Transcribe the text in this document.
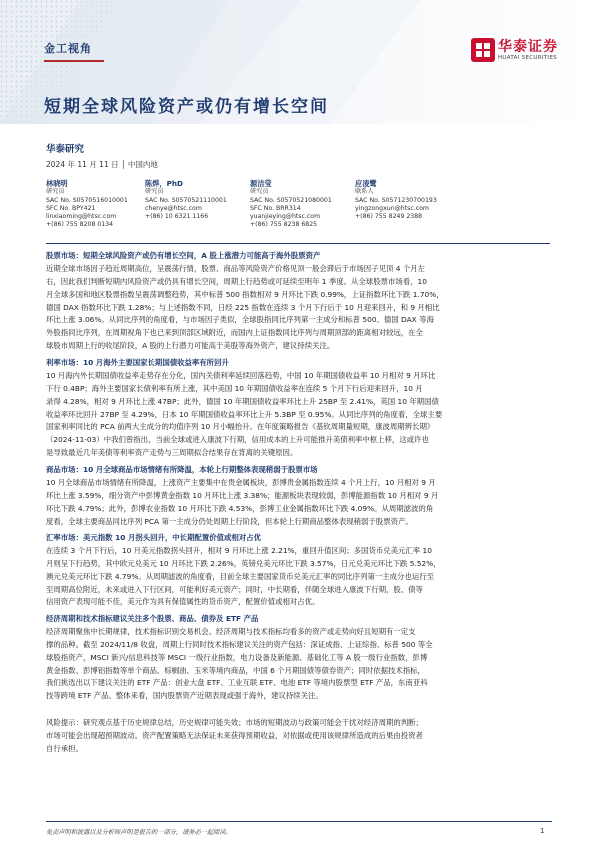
金工视角
短期全球风险资产或仍有增长空间
华泰证券
HUATAI SECURITIES
华泰研究
2024 年 11 月 11 日 │ 中国内地
林晓明
研究员
SAC No. S0570516010001
SFC No. BPY421
linxiaoming@htsc.com
+(86) 755 8208 0134
陈烨，PhD
研究员
SAC No. S0570521110001
chenye@htsc.com
+(86) 10 6321 1166
源洁莹
研究员
SAC No. S0570521080001
SFC No. BRR314
yuanjieying@htsc.com
+(86) 755 8238 6825
应凌鹭
联系人
SAC No. S0571230700193
yingzongxun@htsc.com
+(86) 755 8249 2388
股票市场：短期全球风险资产或仍有增长空间，A 股上涨潜力可能高于海外股票资产
近期全球市场因子趋近周期高位，呈震荡行情，股票、商品等风险资产价格见顶一般会滞后于市场因子见顶 4 个月左
右，因此我们判断短期内风险资产或仍具有增长空间，周期上行趋势或可延续至明年 1 季度。从全球股票市场看，10
月全球多国和地区股票指数呈震荡调整趋势，其中标普 500 指数相对 9 月环比下跌 0.99%，上证指数环比下跌 1.70%，
德国 DAX 指数环比下跌 1.28%；与上述指数不同，日经 225 指数在连续 3 个月下行后于 10 月迎来回升，和 9 月相比
环比上涨 3.06%。从同比序列的角度看，与市场因子类似，全球股指同比序列第一主成分和标普 500、德国 DAX 等海
外股指同比序列，在周期视角下也已来到顶部区域附近，而国内上证指数同比序列与周期顶部的距离相对较远，在全
球股市周期上行的收尾阶段，A 股的上行潜力可能高于美股等海外资产，建议持续关注。
利率市场：10 月海外主要国家长期国债收益率有所回升
10 月海内外长期国债收益率走势存在分化，国内关债利率延续回落趋势，中国 10 年期国债收益率 10 月相对 9 月环比
下行 0.4BP；海外主要国家长债利率有所上涨，其中美国 10 年期国债收益率在连续 5 个月下行后迎来回升，10 月
录得 4.28%，相对 9 月环比上涨 47BP；此外，德国 10 年期国债收益率环比上升 25BP 至 2.41%，英国 10 年期国债
收益率环比回升 27BP 至 4.29%，日本 10 年期国债收益率环比上升 5.3BP 至 0.95%。从同比序列的角度看，全球主要
国家利率同比的 PCA 前两大主成分的均值序列 10 月小幅抬升。在年度策略报告《基钦周期量短期，康波周期辨长期》
（2024-11-03）中我们曾指出，当前全球或进入康波下行期，信用成本的上升可能推升美债利率中枢上移，这或许也
是导致最近几年美债等利率资产走势与三周期拟合结果存在背离的关键原因。
商品市场：10 月全球商品市场情绪有所降温，本轮上行期整体表现稍弱于股票市场
10 月全球商品市场情绪有所降温，上涨资产主要集中在贵金属板块，彭博贵金属指数连续 4 个月上行，10 月相对 9 月
环比上涨 3.59%，细分资产中彭博黄金指数 10 月环比上涨 3.38%；能源板块表现较弱，彭博能源指数 10 月相对 9 月
环比下跌 4.79%；此外，彭博农业指数 10 月环比下跌 4.53%，彭博工业金属指数环比下跌 4.09%。从周期滤波的角
度看，全球主要商品同比序列 PCA 第一主成分仍处周期上行阶段，但本轮上行期商品整体表现稍弱于股票资产。
汇率市场：美元指数 10 月拐头回升，中长期配置价值或相对占优
在连续 3 个月下行后，10 月美元指数拐头回升，相对 9 月环比上涨 2.21%，重回升值区间；多国货币兑美元汇率 10
月则呈下行趋势，其中欧元兑美元 10 月环比下跌 2.26%，英镑兑美元环比下跌 3.57%，日元兑美元环比下跌 5.52%，
澳元兑美元环比下跌 4.79%。从周期滤波的角度看，目前全球主要国家货币兑美元汇率的同比序列第一主成分也运行至
至周期高位附近，未来或进入下行区间，可能利好美元资产；同时，中长期看，伴随全球进入康波下行期，股、债等
信用资产表现可能不佳，美元作为具有保值属性的货币资产，配置价值或相对占优。
经济周期和技术指标建议关注多个股票、商品、债券及 ETF 产品
经济周期聚焦中长期规律，技术指标识别交易机会。经济周期与技术指标均看多的资产或走势向好且短期有一定支
撑的品种。截至 2024/11/8 收盘，周期上行同时技术指标建议关注的资产包括：深证成指、上证综指、标普 500 等全
球股指资产，MSCI 新兴/信息科技等 MSCI 一级行业指数，电力设备及新能源、基础化工等 A 股一级行业指数，彭博
黄金指数、彭博铝指数等单个商品、棕榈油、玉米等境内商品，中国 6 个月期国债等债券资产；同时依据技术指标，
我们挑选出以下建议关注的 ETF 产品：创业大盘 ETF、工业互联 ETF、电池 ETF 等境内股票型 ETF 产品，东南亚科
技等跨境 ETF 产品。整体来看，国内股票资产近期表现或强于海外，建议持续关注。
风险提示：研究观点基于历史规律总结，历史规律可能失效；市场的短期波动与政策可能会干扰对经济周期的判断；
市场可能会出现超预期波动。资产配置策略无法保证未来获得预期收益，对依据或使用该规律所造成的后果由投资者
自行承担。
免责声明和披露以及分析师声明是报告的一部分，请务必一起阅读。	1
